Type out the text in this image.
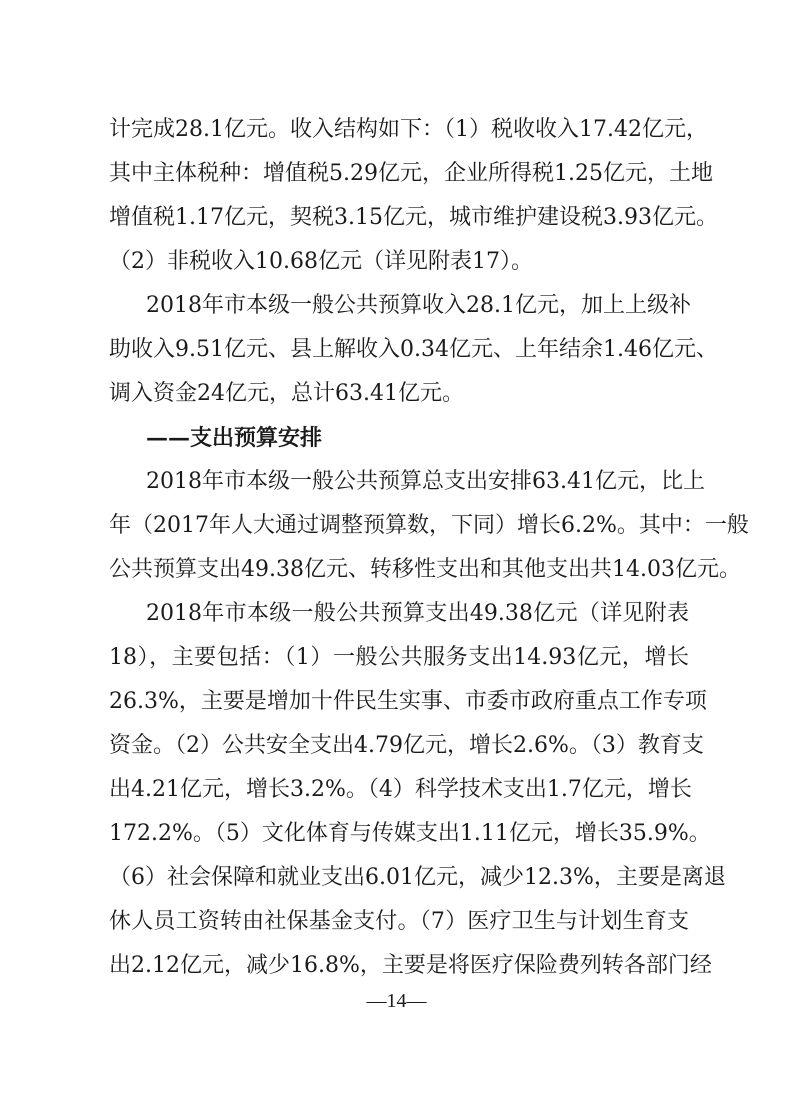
计完成28.1亿元。收入结构如下：（1）税收收入17.42亿元，
其中主体税种：增值税5.29亿元，企业所得税1.25亿元，土地
增值税1.17亿元，契税3.15亿元，城市维护建设税3.93亿元。
（2）非税收入10.68亿元（详见附表17）。
2018年市本级一般公共预算收入28.1亿元，加上上级补
助收入9.51亿元、县上解收入0.34亿元、上年结余1.46亿元、
调入资金24亿元，总计63.41亿元。
——支出预算安排
2018年市本级一般公共预算总支出安排63.41亿元，比上
年（2017年人大通过调整预算数，下同）增长6.2%。其中：一般
公共预算支出49.38亿元、转移性支出和其他支出共14.03亿元。
2018年市本级一般公共预算支出49.38亿元（详见附表
18），主要包括：（1）一般公共服务支出14.93亿元，增长
26.3%，主要是增加十件民生实事、市委市政府重点工作专项
资金。（2）公共安全支出4.79亿元，增长2.6%。（3）教育支
出4.21亿元，增长3.2%。（4）科学技术支出1.7亿元，增长
172.2%。（5）文化体育与传媒支出1.11亿元，增长35.9%。
（6）社会保障和就业支出6.01亿元，减少12.3%，主要是离退
休人员工资转由社保基金支付。（7）医疗卫生与计划生育支
出2.12亿元，减少16.8%，主要是将医疗保险费列转各部门经
—14—
